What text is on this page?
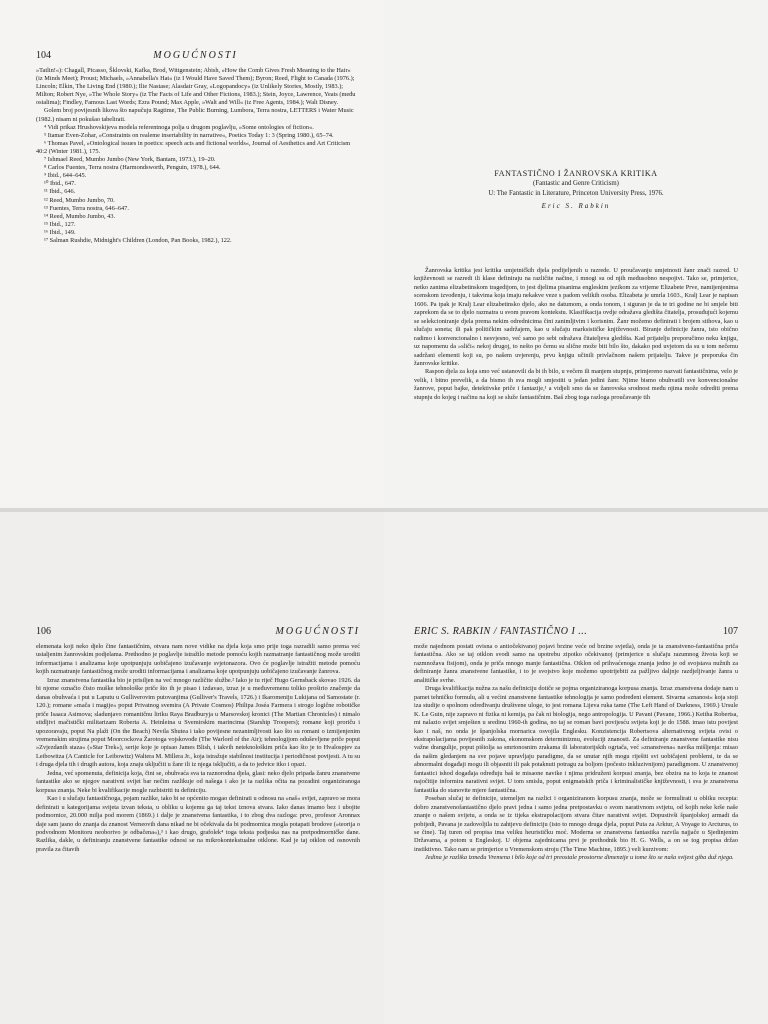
104	MOGUĆNOSTI

»Tatlin!«): Chagall, Picasso, Šklovski, Kafka, Brod, Wittgenstein; Abish, »How the Comb Gives Fresh Meaning to the Hair« (iz Minds Meet); Proust; Michaels, »Annabella's Hat« (iz I Would Have Saved Them); Byron; Reed, Flight to Canada (1976.); Lincoln; Elkin, The Living End (1980.); Ilie Nastase; Alasdair Gray, »Logopandocy« (iz Unlikely Stories, Mostly, 1983.); Milton; Robert Nye, »The Whole Story« (iz The Facts of Life and Other Fictions, 1983.); Stein, Joyce, Lawrence, Yeats (među ostalima); Findley, Famous Last Words; Ezra Pound; Max Apple, »Walt and Will« (iz Free Agents, 1984.); Walt Disney.

Golem broj povijesnih likova što napučuju Ragtime, The Public Burning, Lumbora, Terra nostra, LETTERS i Water Music (1982.) nisam ni pokušao tabelirati.

⁴ Vidi prikaz Hrushovskijeva modela referentnoga polja u drugom poglavlju, »Some ontologies of fiction«.

⁵ Itamar Even-Zohar, »Constraints on realeme insertability in narrative«, Poetics Today 1: 3 (Spring 1980.), 65–74.

⁶ Thomas Pavel, »Ontological issues in poetics: speech acts and fictional worlds«, Journal of Aesthetics and Art Criticism 40:2 (Winter 1981.), 175.

⁷ Ishmael Reed, Mumbo Jumbo (New York, Bantam, 1973.), 19–20.

⁸ Carlos Fuentes, Terra nostra (Harmondsworth, Penguin, 1978.), 644.

⁹ Ibid., 644–645.

¹⁰ Ibid., 647.

¹¹ Ibid., 646.

¹² Reed, Mumbo Jumbo, 70.

¹³ Fuentes, Terra nostra, 646–647.

¹⁴ Reed, Mumbo Jumbo, 43.

¹⁵ Ibid., 127.

¹⁶ Ibid., 149.

¹⁷ Salman Rushdie, Midnight's Children (London, Pan Books, 1982.), 122.

FANTASTIČNO I ŽANROVSKA KRITIKA
(Fantastic and Genre Criticism)
U: The Fantastic in Literature, Princeton University Press, 1976.
Eric S. Rabkin

Žanrovska kritika jest kritika umjetničkih djela podijeljenih u razrede. U proučavanju umjetnosti žanr znači razred. U književnosti se razredi ili klase definiraju na različite načine, i mnogi su od njih međusobno nespojivi. Tako se, primjerice, netko zanima elizabetinskom tragedijom, to jest djelima pisanima engleskim jezikom za vrijeme Elizabete Prve, namijenjenima scenskom izvođenju, i takvima koja imaju nekakve veze s padom velikih osoba. Elizabeta je umrla 1603., Kralj Lear je napisan 1606. Pa ipak je Kralj Lear elizabetinsko djelo, ako ne datumom, a onda tonom, i siguran je da te tri godine ne bi smjele biti zaprekom da se to djelo razmatra u svom pravom kontekstu. Klasifikacija ovdje odražava gledišta čitatelja, prosuđujući kojemu se selekcioniranje djela prema nekim odrednicima čini zanimljivim i korisnim. Žanr možemo definirati i brojem stihova, kao u slučaju soneta; ili pak političkim sadržajem, kao u slučaju marksističke književnosti. Biranje definicije žanra, isto obično radimo i konvencionalno i nesvjesno, već samo po sebi odražava čitateljeva gledišta. Kad prijatelju preporučimo neku knjigu, uz napomenu da »sliči« nekoj drugoj, to nešto po čemu su slične može biti bilo što, dakako pod uvjetom da su u tom nečemu sadržani elementi koji su, po našem uvjerenju, prvu knjigu učinili privlačnom našem prijatelju. Takve je preporuka čin žanrovske kritike.

Raspon djela za koja smo već ustanovili da bi ih bilo, u večem ili manjem stupnju, primjereno nazvati fantastičnima, velo je velik, i bitno prevelik, a da bismo ih sva mogli smjestiti u jedan jedini žanr. Njime bismo obuhvatili sve konvencionalne žanrove, poput bajke, detektivske priče i fantazije,¹ a vidjeli smo da se žanrovska srodnost među njima može odrediti prema stupnju do kojeg i načinu na koji se služe fantastičnim. Baš zbog toga razloga proučavanje tih

106	MOGUĆNOSTI

elemenata koji neko djelo čine fantastičnim, otvara nam nove vidike na djela koja smo prije toga razradili samo prema već ustaljenim žanrovskim podjelama. Prethodno je poglavlje istražilo metode pomoću kojih razmatranje fantastičnog može uroditi informacijama i analizama koje upotpunjuju uobičajeno izučavanje svjetonazora. Ovo će poglavlje istražiti metode pomoću kojih razmatranje fantastičnog može uroditi informacijama i analizama koje upotpunjuju uobičajeno izučavanje žanrova.

Izraz znanstvena fantastika bio je prisiljen na već mnogo različite službe.² Iako je tu riječ Hugo Gernsback skovao 1926. da bi njome označio čisto muške tehnološke priče što ih je pisao i izdavao, izraz je u međuvremenu toliko proširio značenje da danas obuhvaća i put u Laputu u Gulliverovim putovanjima (Gulliver's Travels, 1726.) i Ikaromeniju Lukijana od Samostate (r. 120.); romane »mača i magije« poput Privatnog svemira (A Private Cosmos) Philipa Joséa Farmera i strogo logične robotičke priče Isaaca Asimova; sladunjavo romantičnu liriku Raya Bradburyja u Marsovskoj kronici (The Martian Chronicles) i nimalo stidljivi mačistički militarizam Roberta A. Heinleina u Svemirskim marincima (Starship Troopers); romane koji proriču i upozoravaju, poput Na plaži (On the Beach) Nevila Shutea i tako povijesne nezanimljivosti kao što su romani o izmijenjenim vremenskim strujima poput Moorcockova Žarotoga vojskovođe (The Warlord of the Air); tehnologijom oduševljene priče poput »Zvjezdanih staza« (»Star Trek«), serije koje je opisao James Blish, i takvih neteknološkim priča kao što je to Hvalospjev za Leibowitza (A Canticle for Leibowitz) Waltera M. Millera Jr., koja istražuje stabilnost institucija i periodičnost povijesti. A tu su i druga djela tih i drugih autora, koja znaju uključiti u žanr ili iz njega isključiti, a da to jedvice itko i opazi.

Jedna, već spomenuta, definicija koja, čini se, obuhvaća sva ta raznorodna djela, glasi: neko djelo pripada žanru znanstvene fantastike ako se njegov narativni svijet bar nečim razlikuje od našega i ako je ta razlika očita na pozadini organiziranoga korpusa znanja. Neke bi kvalifikacije mogle razbistriti tu definiciju.

Kao i u slučaju fantastičnoga, pojam razlike, iako bi se općenito mogao definirati u odnosu na »naš« svijet, zapravo se mora definirati u kategorijama svijeta izvan teksta, u obliku u kojemu ga taj tekst iznova stvara. Iako danas imamo bez i ubojite podmornice, 20.000 milja pod morem (1869.) i dalje je znanstvena fantastika, i to zbog dva razloga: prvo, profesor Aronnax daje sam jasno do znanja da znanost Verneovih dana nikad ne bi očekivala da bi podmornica mogla potapati brodove (»teorija o podvodnom Monitoru neoborivo je odbačena«),³ i kao drugo, grafolek⁴ toga teksta podjeska nas na pretpodmorničke dane. Razlika, dakle, u definiranju znanstvene fantastike odnosi se na mikrokontekstualne otklone. Kad je taj otklon od osnovnih pravila za čitavih

ERIC S. RABKIN / FANTASTIČNO I ...	107

može najednom postati ovisna o antiočekivanoj pojavi brzine veće od brzine svjetla), onda je ta znanstveno-fantastična priča fantastična. Ako se taj otklon svodi samo na upotrebu zipotko očekivanoj (primjerice u slučaju razumnog života koji se razmnožava fisijom), onda je priča mnogo manje fantastična. Otklon od prihvaćenoga znanja jedno je od svojstava nužnih za definiranje žanra znanstvene fantastike, i to je svojstvo koje možemo upotrijebiti za pažljivo daljnje razdjeljivanje žanra u analitičke svrhe.

Druga kvalifikacija nužna za našu definiciju dotiče se pojma organiziranoga korpusa znanja. Izraz znanstvena dodaje nam u pamet tehničku formulu, ali u većini znanstvene fantastike tehnologija je samo podređeni element. Stvarna »znanost« koja stoji iza studije o spolnom određivanju društvene uloge, to jest romana Lijeva ruka tame (The Left Hand of Darkness, 1969.) Ursule K. Le Guin, nije zapravo ni fizika ni kemija, pa čak ni biologija, nego antropologija. U Pavani (Pavane, 1966.) Keitha Robertsa, mi nalazio svijet smješten u sredinu 1960-ih godina, no taj se roman bavi povijesću svijeta koji je do 1588. imao istu povijest kao i naš, no onda je španjolska mornarica osvojila Englesku. Konzistencija Robertsova alternativnog svijeta ovisi o ekstrapolacijama povijesnih zakona, ekonomskom determinizmu, evoluciji znanosti. Za definiranje znanstvene fantastike nisu važne drangulije, poput pištolja sa smrtonosnim zrakama ili laboratorijskih ogrtača, već »znanstvena« navika mišljenja: misao da našim gledanjem na sve pojave upravljaju paradigme, da se unutar njih mogu riješiti svi uobičajeni problemi, te da se abnormalni događaji mogu ili objasniti ili pak potaknuti potragu za boljom (počesto inkluzivnijom) paradigmom. U znanstvenoj fantastici ishod događaja određuju baš te misaone navike i njima pridruženi korpusi znanja, bez obzira na to koja te znanost najočitije informira narativni svijet. U tom smislu, poput enigmatskih priča i kriminalističke književnosti, i sva je znanstvena fantastika do stanovite mjere fantastična.

Poseban slučaj te definicije, utemeljen na razlici i organiziranom korpusu znanja, može se formulirati u obliku recepta: dobro znanstvenofantastično djelo pravi jedna i samo jedna pretpostavku o svom narativnom svijetu, od kojih neke krše naše znanje o našem svijetu, a onda se iz tijeka ekstrapolacijom stvara čitav narativni svijet. Dopustivši španjolskoj armadi da pobijedi, Pavana je zadovoljila tu zahtjevu definiciju (isto to mnogo druga djela, poput Puta za Arktur, A Voyage to Arcturus, to se čine). Taj turen od propisa ima veliku heurističku moć. Moderna se znanstvena fantastika razvila najjače u Sjedinjenim Državama, a potom u Engleskoj. U objema zajednicama prvi je prethodnik bio H. G. Wells, a on se tog propisa držao instiktivno. Tako nam se primjerice u Vremenskom stroju (The Time Machine, 1895.) veli kurzivom:

Jedina je razlika između Vremena i bilo koje od tri preostale prostorne dimenzije u tome što se naša svijest giba duž njega.
